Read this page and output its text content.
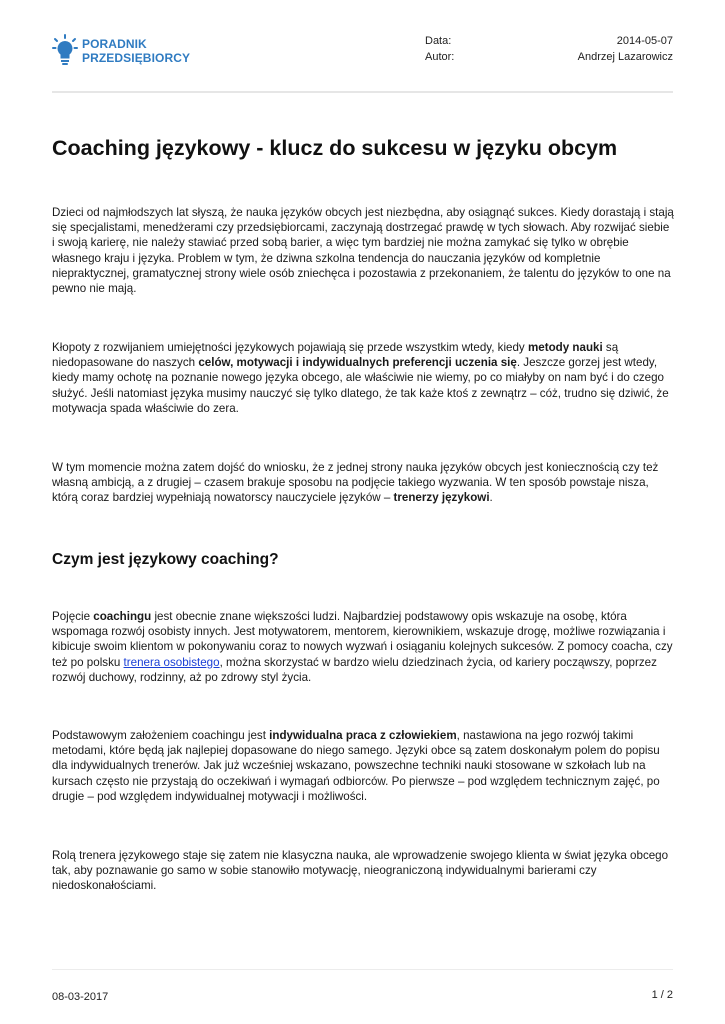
PORADNIK
PRZEDSIĘBIORCY
Data:	2014-05-07
Autor:	Andrzej Lazarowicz
Coaching językowy - klucz do sukcesu w języku obcym

Dzieci od najmłodszych lat słyszą, że nauka języków obcych jest niezbędna, aby osiągnąć sukces. Kiedy dorastają i stają się specjalistami, menedżerami czy przedsiębiorcami, zaczynają dostrzegać prawdę w tych słowach. Aby rozwijać siebie i swoją karierę, nie należy stawiać przed sobą barier, a więc tym bardziej nie można zamykać się tylko w obrębie własnego kraju i języka. Problem w tym, że dziwna szkolna tendencja do nauczania języków od kompletnie niepraktycznej, gramatycznej strony wiele osób zniechęca i pozostawia z przekonaniem, że talentu do języków to one na pewno nie mają.

Kłopoty z rozwijaniem umiejętności językowych pojawiają się przede wszystkim wtedy, kiedy metody nauki są niedopasowane do naszych celów, motywacji i indywidualnych preferencji uczenia się. Jeszcze gorzej jest wtedy, kiedy mamy ochotę na poznanie nowego języka obcego, ale właściwie nie wiemy, po co miałyby on nam być i do czego służyć. Jeśli natomiast języka musimy nauczyć się tylko dlatego, że tak każe ktoś z zewnątrz – cóż, trudno się dziwić, że motywacja spada właściwie do zera.

W tym momencie można zatem dojść do wniosku, że z jednej strony nauka języków obcych jest koniecznością czy też własną ambicją, a z drugiej – czasem brakuje sposobu na podjęcie takiego wyzwania. W ten sposób powstaje nisza, którą coraz bardziej wypełniają nowatorscy nauczyciele języków – trenerzy językowi.

Czym jest językowy coaching?

Pojęcie coachingu jest obecnie znane większości ludzi. Najbardziej podstawowy opis wskazuje na osobę, która wspomaga rozwój osobisty innych. Jest motywatorem, mentorem, kierownikiem, wskazuje drogę, możliwe rozwiązania i kibicuje swoim klientom w pokonywaniu coraz to nowych wyzwań i osiąganiu kolejnych sukcesów. Z pomocy coacha, czy też po polsku trenera osobistego, można skorzystać w bardzo wielu dziedzinach życia, od kariery począwszy, poprzez rozwój duchowy, rodzinny, aż po zdrowy styl życia.

Podstawowym założeniem coachingu jest indywidualna praca z człowiekiem, nastawiona na jego rozwój takimi metodami, które będą jak najlepiej dopasowane do niego samego. Języki obce są zatem doskonałym polem do popisu dla indywidualnych trenerów. Jak już wcześniej wskazano, powszechne techniki nauki stosowane w szkołach lub na kursach często nie przystają do oczekiwań i wymagań odbiorców. Po pierwsze – pod względem technicznym zajęć, po drugie – pod względem indywidualnej motywacji i możliwości.

Rolą trenera językowego staje się zatem nie klasyczna nauka, ale wprowadzenie swojego klienta w świat języka obcego tak, aby poznawanie go samo w sobie stanowiło motywację, nieograniczoną indywidualnymi barierami czy niedoskonałościami.

08-03-2017	1 / 2
